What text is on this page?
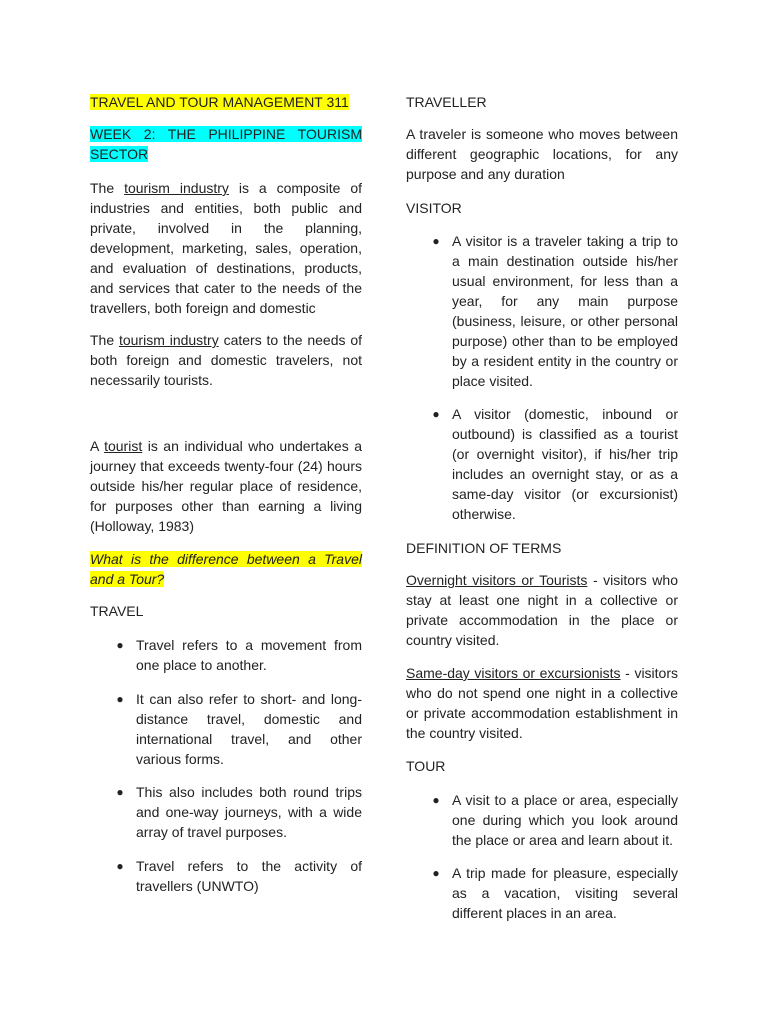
TRAVEL AND TOUR MANAGEMENT 311
WEEK 2: THE PHILIPPINE TOURISM SECTOR
The tourism industry is a composite of industries and entities, both public and private, involved in the planning, development, marketing, sales, operation, and evaluation of destinations, products, and services that cater to the needs of the travellers, both foreign and domestic
The tourism industry caters to the needs of both foreign and domestic travelers, not necessarily tourists.
A tourist is an individual who undertakes a journey that exceeds twenty-four (24) hours outside his/her regular place of residence, for purposes other than earning a living (Holloway, 1983)
What is the difference between a Travel and a Tour?
TRAVEL
● Travel refers to a movement from one place to another.
● It can also refer to short- and long-distance travel, domestic and international travel, and other various forms.
● This also includes both round trips and one-way journeys, with a wide array of travel purposes.
● Travel refers to the activity of travellers (UNWTO)
TRAVELLER
A traveler is someone who moves between different geographic locations, for any purpose and any duration
VISITOR
● A visitor is a traveler taking a trip to a main destination outside his/her usual environment, for less than a year, for any main purpose (business, leisure, or other personal purpose) other than to be employed by a resident entity in the country or place visited.
● A visitor (domestic, inbound or outbound) is classified as a tourist (or overnight visitor), if his/her trip includes an overnight stay, or as a same-day visitor (or excursionist) otherwise.
DEFINITION OF TERMS
Overnight visitors or Tourists - visitors who stay at least one night in a collective or private accommodation in the place or country visited.
Same-day visitors or excursionists - visitors who do not spend one night in a collective or private accommodation establishment in the country visited.
TOUR
● A visit to a place or area, especially one during which you look around the place or area and learn about it.
● A trip made for pleasure, especially as a vacation, visiting several different places in an area.
